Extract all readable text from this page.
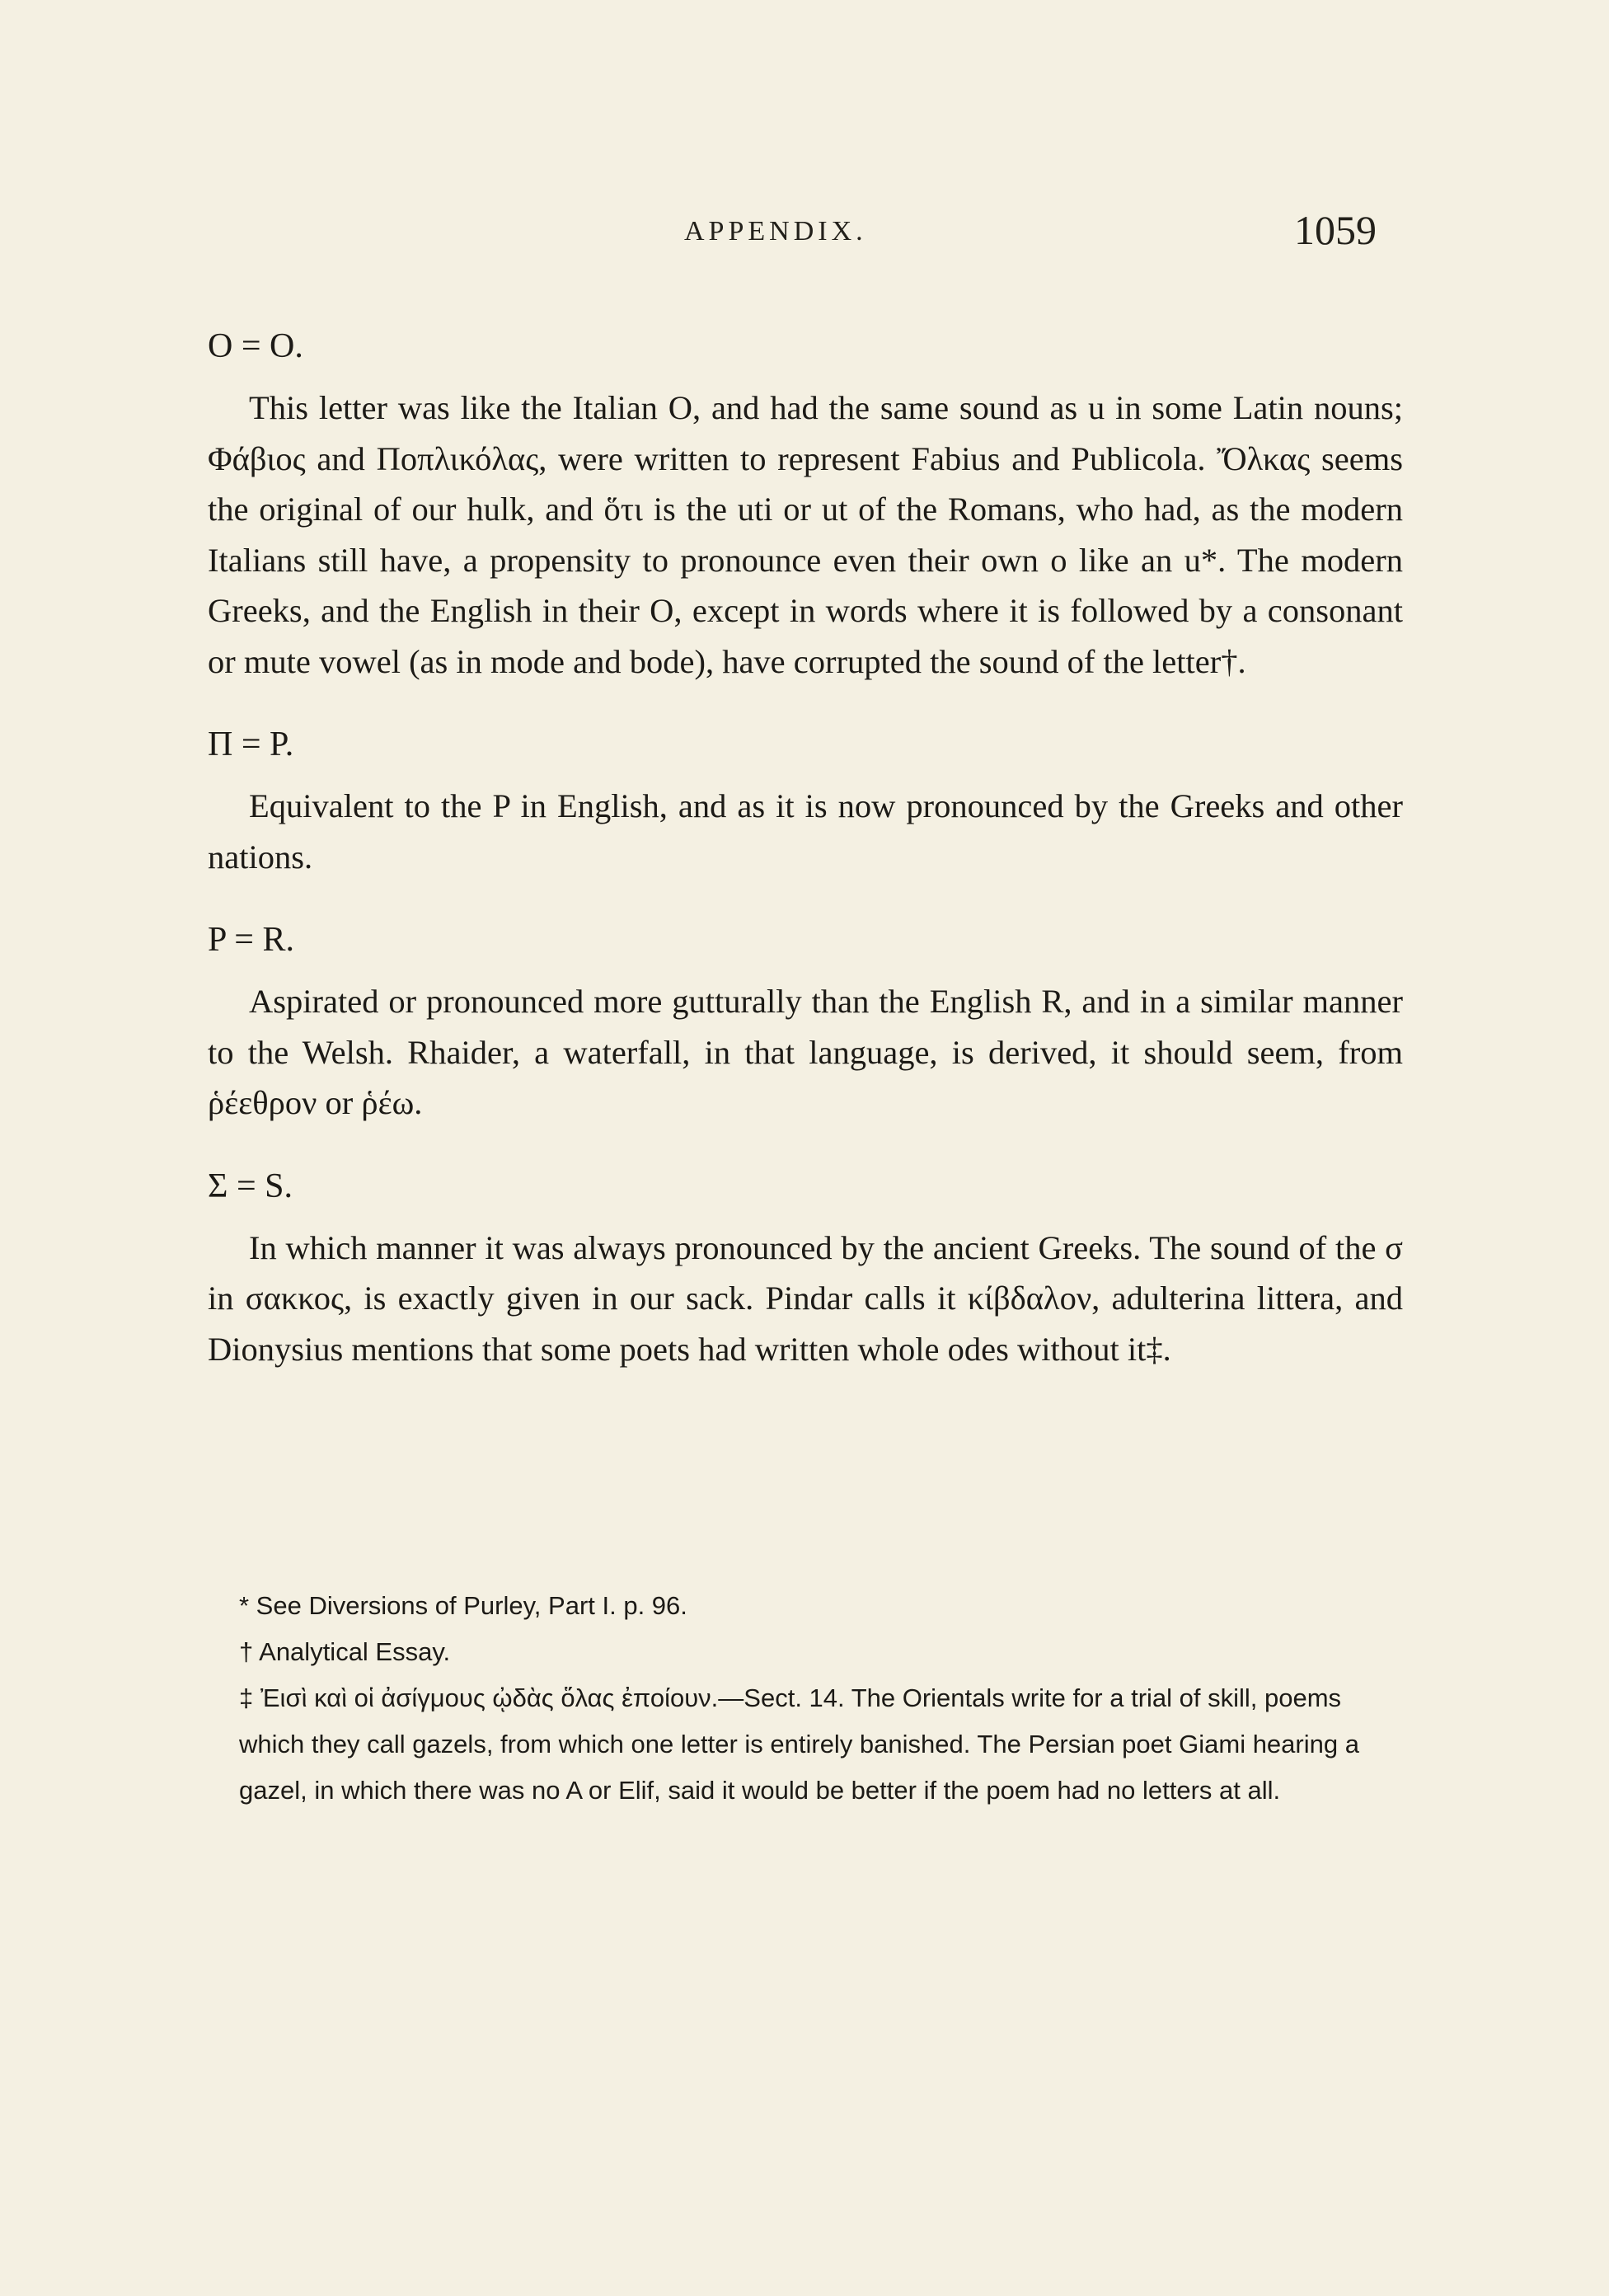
APPENDIX.	1059
O = O.

This letter was like the Italian O, and had the same sound as u in some Latin nouns; Φάβιος and Ποπλικόλας, were written to represent Fabius and Publicola. Ὄλκας seems the original of our hulk, and ὅτι is the uti or ut of the Romans, who had, as the modern Italians still have, a propensity to pronounce even their own o like an u*. The modern Greeks, and the English in their O, except in words where it is followed by a consonant or mute vowel (as in mode and bode), have corrupted the sound of the letter†.

Π = P.

Equivalent to the P in English, and as it is now pronounced by the Greeks and other nations.

P = R.

Aspirated or pronounced more gutturally than the English R, and in a similar manner to the Welsh. Rhaider, a waterfall, in that language, is derived, it should seem, from ῥέεθρον or ῥέω.

Σ = S.

In which manner it was always pronounced by the ancient Greeks. The sound of the σ in σακκος, is exactly given in our sack. Pindar calls it κίβδαλον, adulterina littera, and Dionysius mentions that some poets had written whole odes without it‡.

* See Diversions of Purley, Part I. p. 96.

† Analytical Essay.

‡ Ἐισὶ καὶ οἱ ἀσίγμους ᾠδὰς ὅλας ἐποίουν.—Sect. 14. The Orientals write for a trial of skill, poems which they call gazels, from which one letter is entirely banished. The Persian poet Giami hearing a gazel, in which there was no A or Elif, said it would be better if the poem had no letters at all.
